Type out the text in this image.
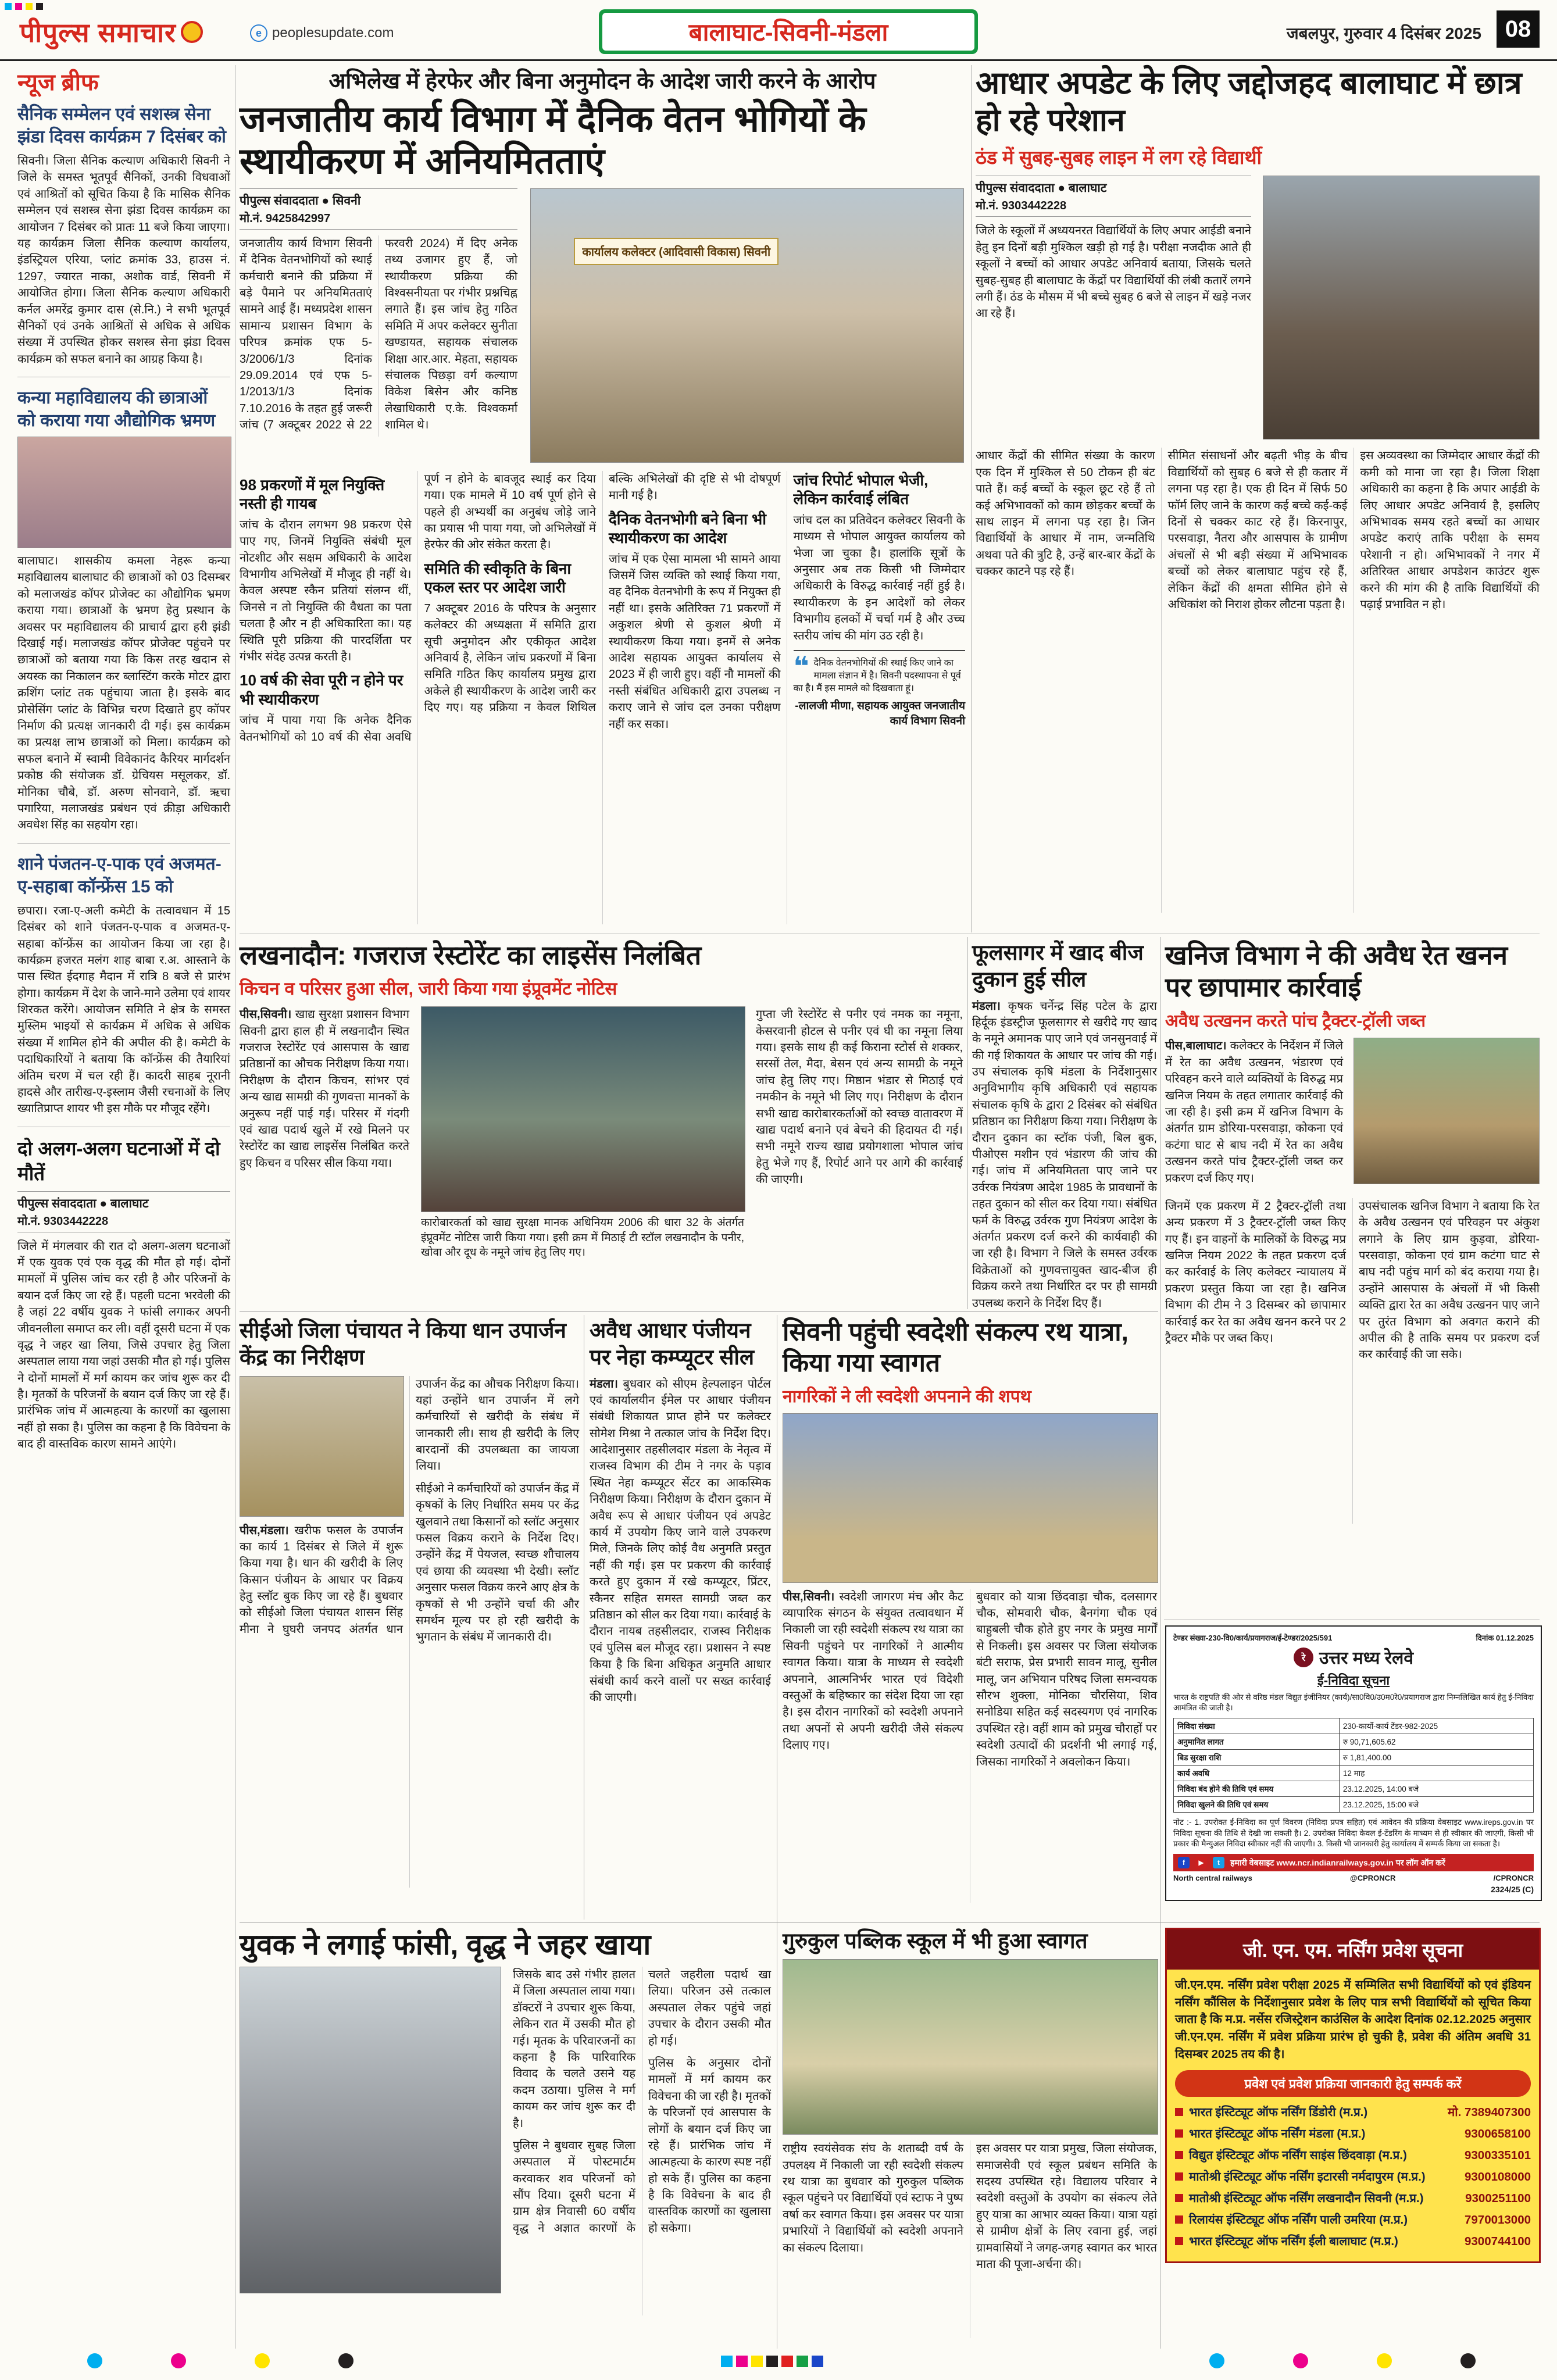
पीपुल्स समाचार	e peoplesupdate.com	बालाघाट-सिवनी-मंडला	जबलपुर, गुरुवार 4 दिसंबर 2025	08
न्यूज ब्रीफ
सैनिक सम्मेलन एवं सशस्त्र सेना झंडा दिवस कार्यक्रम 7 दिसंबर को

सिवनी। जिला सैनिक कल्याण अधिकारी सिवनी ने जिले के समस्त भूतपूर्व सैनिकों, उनकी विधवाओं एवं आश्रितों को सूचित किया है कि मासिक सैनिक सम्मेलन एवं सशस्त्र सेना झंडा दिवस कार्यक्रम का आयोजन 7 दिसंबर को प्रातः 11 बजे किया जाएगा। यह कार्यक्रम जिला सैनिक कल्याण कार्यालय, इंडस्ट्रियल एरिया, प्लांट क्रमांक 33, हाउस नं. 1297, ज्यारत नाका, अशोक वार्ड, सिवनी में आयोजित होगा। जिला सैनिक कल्याण अधिकारी कर्नल अमरेंद्र कुमार दास (से.नि.) ने सभी भूतपूर्व सैनिकों एवं उनके आश्रितों से अधिक से अधिक संख्या में उपस्थित होकर सशस्त्र सेना झंडा दिवस कार्यक्रम को सफल बनाने का आग्रह किया है।

कन्या महाविद्यालय की छात्राओं को कराया गया औद्योगिक भ्रमण

बालाघाट। शासकीय कमला नेहरू कन्या महाविद्यालय बालाघाट की छात्राओं को 03 दिसम्बर को मलाजखंड कॉपर प्रोजेक्ट का औद्योगिक भ्रमण कराया गया। छात्राओं के भ्रमण हेतु प्रस्थान के अवसर पर महाविद्यालय की प्राचार्य द्वारा हरी झंडी दिखाई गई। मलाजखंड कॉपर प्रोजेक्ट पहुंचने पर छात्राओं को बताया गया कि किस तरह खदान से अयस्क का निकालन कर ब्लास्टिंग करके मोटर द्वारा क्रशिंग प्लांट तक पहुंचाया जाता है। इसके बाद प्रोसेसिंग प्लांट के विभिन्न चरण दिखाते हुए कॉपर निर्माण की प्रत्यक्ष जानकारी दी गई। इस कार्यक्रम का प्रत्यक्ष लाभ छात्राओं को मिला। कार्यक्रम को सफल बनाने में स्वामी विवेकानंद कैरियर मार्गदर्शन प्रकोष्ठ की संयोजक डॉ. ग्रेचियस मसूलकर, डॉ. मोनिका चौबे, डॉ. अरुण सोनवाने, डॉ. ऋचा पगारिया, मलाजखंड प्रबंधन एवं क्रीड़ा अधिकारी अवधेश सिंह का सहयोग रहा।

शाने पंजतन-ए-पाक एवं अजमत-ए-सहाबा कॉन्फ्रेंस 15 को

छपारा। रजा-ए-अली कमेटी के तत्वावधान में 15 दिसंबर को शाने पंजतन-ए-पाक व अजमत-ए-सहाबा कॉन्फ्रेंस का आयोजन किया जा रहा है। कार्यक्रम हजरत मलंग शाह बाबा र.अ. आस्ताने के पास स्थित ईदगाह मैदान में रात्रि 8 बजे से प्रारंभ होगा। कार्यक्रम में देश के जाने-माने उलेमा एवं शायर शिरकत करेंगे। आयोजन समिति ने क्षेत्र के समस्त मुस्लिम भाइयों से कार्यक्रम में अधिक से अधिक संख्या में शामिल होने की अपील की है। कमेटी के पदाधिकारियों ने बताया कि कॉन्फ्रेंस की तैयारियां अंतिम चरण में चल रही हैं। कादरी साहब नूरानी हादसे और तारीख-ए-इस्लाम जैसी रचनाओं के लिए ख्यातिप्राप्त शायर भी इस मौके पर मौजूद रहेंगे।

दो अलग-अलग घटनाओं में दो मौतें
पीपुल्स संवाददाता ● बालाघाट
मो.नं. 9303442228

जिले में मंगलवार की रात दो अलग-अलग घटनाओं में एक युवक एवं एक वृद्ध की मौत हो गई। दोनों मामलों में पुलिस जांच कर रही है और परिजनों के बयान दर्ज किए जा रहे हैं। पहली घटना भरवेली की है जहां 22 वर्षीय युवक ने फांसी लगाकर अपनी जीवनलीला समाप्त कर ली। वहीं दूसरी घटना में एक वृद्ध ने जहर खा लिया, जिसे उपचार हेतु जिला अस्पताल लाया गया जहां उसकी मौत हो गई। पुलिस ने दोनों मामलों में मर्ग कायम कर जांच शुरू कर दी है। मृतकों के परिजनों के बयान दर्ज किए जा रहे हैं। प्रारंभिक जांच में आत्महत्या के कारणों का खुलासा नहीं हो सका है। पुलिस का कहना है कि विवेचना के बाद ही वास्तविक कारण सामने आएंगे।

अभिलेख में हेरफेर और बिना अनुमोदन के आदेश जारी करने के आरोप
जनजातीय कार्य विभाग में दैनिक वेतन भोगियों के स्थायीकरण में अनियमितताएं
पीपुल्स संवाददाता ● सिवनी
मो.नं. 9425842997

जनजातीय कार्य विभाग सिवनी में दैनिक वेतनभोगियों को स्थाई कर्मचारी बनाने की प्रक्रिया में बड़े पैमाने पर अनियमितताएं सामने आई हैं। मध्यप्रदेश शासन सामान्य प्रशासन विभाग के परिपत्र क्रमांक एफ 5-3/2006/1/3 दिनांक 29.09.2014 एवं एफ 5-1/2013/1/3 दिनांक 7.10.2016 के तहत हुई जरूरी जांच (7 अक्टूबर 2022 से 22 फरवरी 2024) में दिए अनेक तथ्य उजागर हुए हैं, जो स्थायीकरण प्रक्रिया की विश्वसनीयता पर गंभीर प्रश्नचिह्न लगाते हैं। इस जांच हेतु गठित समिति में अपर कलेक्टर सुनीता खण्डायत, सहायक संचालक शिक्षा आर.आर. मेहता, सहायक संचालक पिछड़ा वर्ग कल्याण विकेश बिसेन और कनिष्ठ लेखाधिकारी ए.के. विश्वकर्मा शामिल थे।

कार्यालय कलेक्टर (आदिवासी विकास) सिवनी
98 प्रकरणों में मूल नियुक्ति नस्ती ही गायब

जांच के दौरान लगभग 98 प्रकरण ऐसे पाए गए, जिनमें नियुक्ति संबंधी मूल नोटशीट और सक्षम अधिकारी के आदेश विभागीय अभिलेखों में मौजूद ही नहीं थे। केवल अस्पष्ट स्कैन प्रतियां संलग्न थीं, जिनसे न तो नियुक्ति की वैधता का पता चलता है और न ही अधिकारिता का। यह स्थिति पूरी प्रक्रिया की पारदर्शिता पर गंभीर संदेह उत्पन्न करती है।

10 वर्ष की सेवा पूरी न होने पर भी स्थायीकरण

जांच में पाया गया कि अनेक दैनिक वेतनभोगियों को 10 वर्ष की सेवा अवधि पूर्ण न होने के बावजूद स्थाई कर दिया गया। एक मामले में 10 वर्ष पूर्ण होने से पहले ही अभ्यर्थी का अनुबंध जोड़े जाने का प्रयास भी पाया गया, जो अभिलेखों में हेरफेर की ओर संकेत करता है।

समिति की स्वीकृति के बिना एकल स्तर पर आदेश जारी

7 अक्टूबर 2016 के परिपत्र के अनुसार कलेक्टर की अध्यक्षता में समिति द्वारा सूची अनुमोदन और एकीकृत आदेश अनिवार्य है, लेकिन जांच प्रकरणों में बिना समिति गठित किए कार्यालय प्रमुख द्वारा अकेले ही स्थायीकरण के आदेश जारी कर दिए गए। यह प्रक्रिया न केवल शिथिल बल्कि अभिलेखों की दृष्टि से भी दोषपूर्ण मानी गई है।

दैनिक वेतनभोगी बने बिना भी स्थायीकरण का आदेश

जांच में एक ऐसा मामला भी सामने आया जिसमें जिस व्यक्ति को स्थाई किया गया, वह दैनिक वेतनभोगी के रूप में नियुक्त ही नहीं था। इसके अतिरिक्त 71 प्रकरणों में अकुशल श्रेणी से कुशल श्रेणी में स्थायीकरण किया गया। इनमें से अनेक आदेश सहायक आयुक्त कार्यालय से 2023 में ही जारी हुए। वहीं नौ मामलों की नस्ती संबंधित अधिकारी द्वारा उपलब्ध न कराए जाने से जांच दल उनका परीक्षण नहीं कर सका।

जांच रिपोर्ट भोपाल भेजी, लेकिन कार्रवाई लंबित

जांच दल का प्रतिवेदन कलेक्टर सिवनी के माध्यम से भोपाल आयुक्त कार्यालय को भेजा जा चुका है। हालांकि सूत्रों के अनुसार अब तक किसी भी जिम्मेदार अधिकारी के विरुद्ध कार्रवाई नहीं हुई है। स्थायीकरण के इन आदेशों को लेकर विभागीय हलकों में चर्चा गर्म है और उच्च स्तरीय जांच की मांग उठ रही है।

❝ दैनिक वेतनभोगियों की स्थाई किए जाने का मामला संज्ञान में है। सिवनी पदस्थापना से पूर्व का है। मैं इस मामले को दिखवाता हूं।
-लालजी मीणा, सहायक आयुक्त जनजातीय कार्य विभाग सिवनी
आधार अपडेट के लिए जद्दोजहद बालाघाट में छात्र हो रहे परेशान
ठंड में सुबह-सुबह लाइन में लग रहे विद्यार्थी
पीपुल्स संवाददाता ● बालाघाट
मो.नं. 9303442228

जिले के स्कूलों में अध्ययनरत विद्यार्थियों के लिए अपार आईडी बनाने हेतु इन दिनों बड़ी मुश्किल खड़ी हो गई है। परीक्षा नजदीक आते ही स्कूलों ने बच्चों को आधार अपडेट अनिवार्य बताया, जिसके चलते सुबह-सुबह ही बालाघाट के केंद्रों पर विद्यार्थियों की लंबी कतारें लगने लगी हैं। ठंड के मौसम में भी बच्चे सुबह 6 बजे से लाइन में खड़े नजर आ रहे हैं।

आधार केंद्रों की सीमित संख्या के कारण एक दिन में मुश्किल से 50 टोकन ही बंट पाते हैं। कई बच्चों के स्कूल छूट रहे हैं तो कई अभिभावकों को काम छोड़कर बच्चों के साथ लाइन में लगना पड़ रहा है। जिन विद्यार्थियों के आधार में नाम, जन्मतिथि अथवा पते की त्रुटि है, उन्हें बार-बार केंद्रों के चक्कर काटने पड़ रहे हैं।

सीमित संसाधनों और बढ़ती भीड़ के बीच विद्यार्थियों को सुबह 6 बजे से ही कतार में लगना पड़ रहा है। एक ही दिन में सिर्फ 50 फॉर्म लिए जाने के कारण कई बच्चे कई-कई दिनों से चक्कर काट रहे हैं। किरनापुर, परसवाड़ा, नैतरा और आसपास के ग्रामीण अंचलों से भी बड़ी संख्या में अभिभावक बच्चों को लेकर बालाघाट पहुंच रहे हैं, लेकिन केंद्रों की क्षमता सीमित होने से अधिकांश को निराश होकर लौटना पड़ता है।

इस अव्यवस्था का जिम्मेदार आधार केंद्रों की कमी को माना जा रहा है। जिला शिक्षा अधिकारी का कहना है कि अपार आईडी के लिए आधार अपडेट अनिवार्य है, इसलिए अभिभावक समय रहते बच्चों का आधार अपडेट कराएं ताकि परीक्षा के समय परेशानी न हो। अभिभावकों ने नगर में अतिरिक्त आधार अपडेशन काउंटर शुरू करने की मांग की है ताकि विद्यार्थियों की पढ़ाई प्रभावित न हो।

लखनादौन: गजराज रेस्टोरेंट का लाइसेंस निलंबित
किचन व परिसर हुआ सील, जारी किया गया इंप्रूवमेंट नोटिस

पीस,सिवनी। खाद्य सुरक्षा प्रशासन विभाग सिवनी द्वारा हाल ही में लखनादौन स्थित गजराज रेस्टोरेंट एवं आसपास के खाद्य प्रतिष्ठानों का औचक निरीक्षण किया गया। निरीक्षण के दौरान किचन, सांभर एवं अन्य खाद्य सामग्री की गुणवत्ता मानकों के अनुरूप नहीं पाई गई। परिसर में गंदगी एवं खाद्य पदार्थ खुले में रखे मिलने पर रेस्टोरेंट का खाद्य लाइसेंस निलंबित करते हुए किचन व परिसर सील किया गया।

कारोबारकर्ता को खाद्य सुरक्षा मानक अधिनियम 2006 की धारा 32 के अंतर्गत इंप्रूवमेंट नोटिस जारी किया गया। इसी क्रम में मिठाई टी स्टॉल लखनादौन के पनीर, खोवा और दूध के नमूने जांच हेतु लिए गए।

गुप्ता जी रेस्टोरेंट से पनीर एवं नमक का नमूना, केसरवानी होटल से पनीर एवं घी का नमूना लिया गया। इसके साथ ही कई किराना स्टोर्स से शक्कर, सरसों तेल, मैदा, बेसन एवं अन्य सामग्री के नमूने जांच हेतु लिए गए। मिष्ठान भंडार से मिठाई एवं नमकीन के नमूने भी लिए गए। निरीक्षण के दौरान सभी खाद्य कारोबारकर्ताओं को स्वच्छ वातावरण में खाद्य पदार्थ बनाने एवं बेचने की हिदायत दी गई। सभी नमूने राज्य खाद्य प्रयोगशाला भोपाल जांच हेतु भेजे गए हैं, रिपोर्ट आने पर आगे की कार्रवाई की जाएगी।

फूलसागर में खाद बीज दुकान हुई सील

मंडला। कृषक चर्नेन्द्र सिंह पटेल के द्वारा हिर्दूक इंडस्ट्रीज फूलसागर से खरीदे गए खाद के नमूने अमानक पाए जाने एवं जनसुनवाई में की गई शिकायत के आधार पर जांच की गई। उप संचालक कृषि मंडला के निर्देशानुसार अनुविभागीय कृषि अधिकारी एवं सहायक संचालक कृषि के द्वारा 2 दिसंबर को संबंधित प्रतिष्ठान का निरीक्षण किया गया। निरीक्षण के दौरान दुकान का स्टॉक पंजी, बिल बुक, पीओएस मशीन एवं भंडारण की जांच की गई। जांच में अनियमितता पाए जाने पर उर्वरक नियंत्रण आदेश 1985 के प्रावधानों के तहत दुकान को सील कर दिया गया। संबंधित फर्म के विरुद्ध उर्वरक गुण नियंत्रण आदेश के अंतर्गत प्रकरण दर्ज करने की कार्यवाही की जा रही है। विभाग ने जिले के समस्त उर्वरक विक्रेताओं को गुणवत्तायुक्त खाद-बीज ही विक्रय करने तथा निर्धारित दर पर ही सामग्री उपलब्ध कराने के निर्देश दिए हैं।

खनिज विभाग ने की अवैध रेत खनन पर छापामार कार्रवाई
अवैध उत्खनन करते पांच ट्रैक्टर-ट्रॉली जब्त

पीस,बालाघाट। कलेक्टर के निर्देशन में जिले में रेत का अवैध उत्खनन, भंडारण एवं परिवहन करने वाले व्यक्तियों के विरुद्ध मप्र खनिज नियम के तहत लगातार कार्रवाई की जा रही है। इसी क्रम में खनिज विभाग के अंतर्गत ग्राम डोरिया-परसवाड़ा, कोकना एवं कटंगा घाट से बाघ नदी में रेत का अवैध उत्खनन करते पांच ट्रैक्टर-ट्रॉली जब्त कर प्रकरण दर्ज किए गए।

जिनमें एक प्रकरण में 2 ट्रैक्टर-ट्रॉली तथा अन्य प्रकरण में 3 ट्रैक्टर-ट्रॉली जब्त किए गए हैं। इन वाहनों के मालिकों के विरुद्ध मप्र खनिज नियम 2022 के तहत प्रकरण दर्ज कर कार्रवाई के लिए कलेक्टर न्यायालय में प्रकरण प्रस्तुत किया जा रहा है। खनिज विभाग की टीम ने 3 दिसम्बर को छापामार कार्रवाई कर रेत का अवैध खनन करने पर 2 ट्रैक्टर मौके पर जब्त किए।

उपसंचालक खनिज विभाग ने बताया कि रेत के अवैध उत्खनन एवं परिवहन पर अंकुश लगाने के लिए ग्राम कुड़वा, डोरिया-परसवाड़ा, कोकना एवं ग्राम कटंगा घाट से बाघ नदी पहुंच मार्ग को बंद कराया गया है। उन्होंने आसपास के अंचलों में भी किसी व्यक्ति द्वारा रेत का अवैध उत्खनन पाए जाने पर तुरंत विभाग को अवगत कराने की अपील की है ताकि समय पर प्रकरण दर्ज कर कार्रवाई की जा सके।

सीईओ जिला पंचायत ने किया धान उपार्जन केंद्र का निरीक्षण

पीस,मंडला। खरीफ फसल के उपार्जन का कार्य 1 दिसंबर से जिले में शुरू किया गया है। धान की खरीदी के लिए किसान पंजीयन के आधार पर विक्रय हेतु स्लॉट बुक किए जा रहे हैं। बुधवार को सीईओ जिला पंचायत शासन सिंह मीना ने घुघरी जनपद अंतर्गत धान उपार्जन केंद्र का औचक निरीक्षण किया। यहां उन्होंने धान उपार्जन में लगे कर्मचारियों से खरीदी के संबंध में जानकारी ली। साथ ही खरीदी के लिए बारदानों की उपलब्धता का जायजा लिया।

सीईओ ने कर्मचारियों को उपार्जन केंद्र में कृषकों के लिए निर्धारित समय पर केंद्र खुलवाने तथा किसानों को स्लॉट अनुसार फसल विक्रय कराने के निर्देश दिए। उन्होंने केंद्र में पेयजल, स्वच्छ शौचालय एवं छाया की व्यवस्था भी देखी। स्लॉट अनुसार फसल विक्रय करने आए क्षेत्र के कृषकों से भी उन्होंने चर्चा की और समर्थन मूल्य पर हो रही खरीदी के भुगतान के संबंध में जानकारी दी।

अवैध आधार पंजीयन पर नेहा कम्प्यूटर सील

मंडला। बुधवार को सीएम हेल्पलाइन पोर्टल एवं कार्यालयीन ईमेल पर आधार पंजीयन संबंधी शिकायत प्राप्त होने पर कलेक्टर सोमेश मिश्रा ने तत्काल जांच के निर्देश दिए। आदेशानुसार तहसीलदार मंडला के नेतृत्व में राजस्व विभाग की टीम ने नगर के पड़ाव स्थित नेहा कम्प्यूटर सेंटर का आकस्मिक निरीक्षण किया। निरीक्षण के दौरान दुकान में अवैध रूप से आधार पंजीयन एवं अपडेट कार्य में उपयोग किए जाने वाले उपकरण मिले, जिनके लिए कोई वैध अनुमति प्रस्तुत नहीं की गई। इस पर प्रकरण की कार्रवाई करते हुए दुकान में रखे कम्प्यूटर, प्रिंटर, स्कैनर सहित समस्त सामग्री जब्त कर प्रतिष्ठान को सील कर दिया गया। कार्रवाई के दौरान नायब तहसीलदार, राजस्व निरीक्षक एवं पुलिस बल मौजूद रहा। प्रशासन ने स्पष्ट किया है कि बिना अधिकृत अनुमति आधार संबंधी कार्य करने वालों पर सख्त कार्रवाई की जाएगी।

सिवनी पहुंची स्वदेशी संकल्प रथ यात्रा, किया गया स्वागत
नागरिकों ने ली स्वदेशी अपनाने की शपथ

पीस,सिवनी। स्वदेशी जागरण मंच और कैट व्यापारिक संगठन के संयुक्त तत्वावधान में निकाली जा रही स्वदेशी संकल्प रथ यात्रा का सिवनी पहुंचने पर नागरिकों ने आत्मीय स्वागत किया। यात्रा के माध्यम से स्वदेशी अपनाने, आत्मनिर्भर भारत एवं विदेशी वस्तुओं के बहिष्कार का संदेश दिया जा रहा है। इस दौरान नागरिकों को स्वदेशी अपनाने तथा अपनों से अपनी खरीदी जैसे संकल्प दिलाए गए।

बुधवार को यात्रा छिंदवाड़ा चौक, दलसागर चौक, सोमवारी चौक, बैनगंगा चौक एवं बाहुबली चौक होते हुए नगर के प्रमुख मार्गों से निकली। इस अवसर पर जिला संयोजक बंटी सराफ, प्रेस प्रभारी सावन मालू, सुनील मालू, जन अभियान परिषद जिला समन्वयक सौरभ शुक्ला, मोनिका चौरसिया, शिव सनोडिया सहित कई सदस्यगण एवं नागरिक उपस्थित रहे। वहीं शाम को प्रमुख चौराहों पर स्वदेशी उत्पादों की प्रदर्शनी भी लगाई गई, जिसका नागरिकों ने अवलोकन किया।

टेण्डर संख्या-230-वि0/कार्य/प्रयागराज/ई-टेण्डर/2025/591	दिनांक 01.12.2025
रे उत्तर मध्य रेलवे
ई-निविदा सूचना
भारत के राष्ट्रपति की ओर से वरिष्ठ मंडल विद्युत इंजीनियर (कार्य)/सा0वि0/उ0म0रे0/प्रयागराज द्वारा निम्नलिखित कार्य हेतु ई-निविदा आमंत्रित की जाती है।
निविदा संख्या	230-कार्यो-कार्य टेंडर-982-2025
अनुमानित लागत	रु 90,71,605.62
बिड सुरक्षा राशि	रु 1,81,400.00
कार्य अवधि	12 माह
निविदा बंद होने की तिथि एवं समय	23.12.2025, 14:00 बजे
निविदा खुलने की तिथि एवं समय	23.12.2025, 15:00 बजे
नोट :- 1. उपरोक्त ई-निविदा का पूर्ण विवरण (निविदा प्रपत्र सहित) एवं आवेदन की प्रक्रिया वेबसाइट www.ireps.gov.in पर निविदा सूचना की तिथि से देखी जा सकती है। 2. उपरोक्त निविदा केवल ई-टेंडरिंग के माध्यम से ही स्वीकार की जाएगी, किसी भी प्रकार की मैन्युअल निविदा स्वीकार नहीं की जाएगी। 3. किसी भी जानकारी हेतु कार्यालय में सम्पर्क किया जा सकता है।
f	▶	t	हमारी वेबसाइट www.ncr.indianrailways.gov.in पर लॉग ऑन करें
North central railways	@CPRONCR	/CPRONCR
2324/25 (C)
युवक ने लगाई फांसी, वृद्ध ने जहर खाया

जिसके बाद उसे गंभीर हालत में जिला अस्पताल लाया गया। डॉक्टरों ने उपचार शुरू किया, लेकिन रात में उसकी मौत हो गई। मृतक के परिवारजनों का कहना है कि पारिवारिक विवाद के चलते उसने यह कदम उठाया। पुलिस ने मर्ग कायम कर जांच शुरू कर दी है।

पुलिस ने बुधवार सुबह जिला अस्पताल में पोस्टमार्टम करवाकर शव परिजनों को सौंप दिया। दूसरी घटना में ग्राम क्षेत्र निवासी 60 वर्षीय वृद्ध ने अज्ञात कारणों के चलते जहरीला पदार्थ खा लिया। परिजन उसे तत्काल अस्पताल लेकर पहुंचे जहां उपचार के दौरान उसकी मौत हो गई।

पुलिस के अनुसार दोनों मामलों में मर्ग कायम कर विवेचना की जा रही है। मृतकों के परिजनों एवं आसपास के लोगों के बयान दर्ज किए जा रहे हैं। प्रारंभिक जांच में आत्महत्या के कारण स्पष्ट नहीं हो सके हैं। पुलिस का कहना है कि विवेचना के बाद ही वास्तविक कारणों का खुलासा हो सकेगा।

गुरुकुल पब्लिक स्कूल में भी हुआ स्वागत

राष्ट्रीय स्वयंसेवक संघ के शताब्दी वर्ष के उपलक्ष्य में निकाली जा रही स्वदेशी संकल्प रथ यात्रा का बुधवार को गुरुकुल पब्लिक स्कूल पहुंचने पर विद्यार्थियों एवं स्टाफ ने पुष्प वर्षा कर स्वागत किया। इस अवसर पर यात्रा प्रभारियों ने विद्यार्थियों को स्वदेशी अपनाने का संकल्प दिलाया।

इस अवसर पर यात्रा प्रमुख, जिला संयोजक, समाजसेवी एवं स्कूल प्रबंधन समिति के सदस्य उपस्थित रहे। विद्यालय परिवार ने स्वदेशी वस्तुओं के उपयोग का संकल्प लेते हुए यात्रा का आभार व्यक्त किया। यात्रा यहां से ग्रामीण क्षेत्रों के लिए रवाना हुई, जहां ग्रामवासियों ने जगह-जगह स्वागत कर भारत माता की पूजा-अर्चना की।

जी. एन. एम. नर्सिंग प्रवेश सूचना
जी.एन.एम. नर्सिंग प्रवेश परीक्षा 2025 में सम्मिलित सभी विद्यार्थियों को एवं इंडियन नर्सिंग कौंसिल के निर्देशानुसार प्रवेश के लिए पात्र सभी विद्यार्थियों को सूचित किया जाता है कि म.प्र. नर्सेस रजिस्ट्रेशन काउंसिल के आदेश दिनांक 02.12.2025 अनुसार जी.एन.एम. नर्सिंग में प्रवेश प्रक्रिया प्रारंभ हो चुकी है, प्रवेश की अंतिम अवधि 31 दिसम्बर 2025 तय की है।
प्रवेश एवं प्रवेश प्रक्रिया जानकारी हेतु सम्पर्क करें
भारत इंस्टिट्यूट ऑफ नर्सिंग डिंडोरी (म.प्र.)	मो. 7389407300
भारत इंस्टिट्यूट ऑफ नर्सिंग मंडला (म.प्र.)	9300658100
विद्युत इंस्टिट्यूट ऑफ नर्सिंग साइंस छिंदवाड़ा (म.प्र.)	9300335101
मातोश्री इंस्टिट्यूट ऑफ नर्सिंग इटारसी नर्मदापुरम (म.प्र.)	9300108000
मातोश्री इंस्टिट्यूट ऑफ नर्सिंग लखनादौन सिवनी (म.प्र.)	9300251100
रिलायंस इंस्टिट्यूट ऑफ नर्सिंग पाली उमरिया (म.प्र.)	7970013000
भारत इंस्टिट्यूट ऑफ नर्सिंग ईली बालाघाट (म.प्र.)	9300744100
